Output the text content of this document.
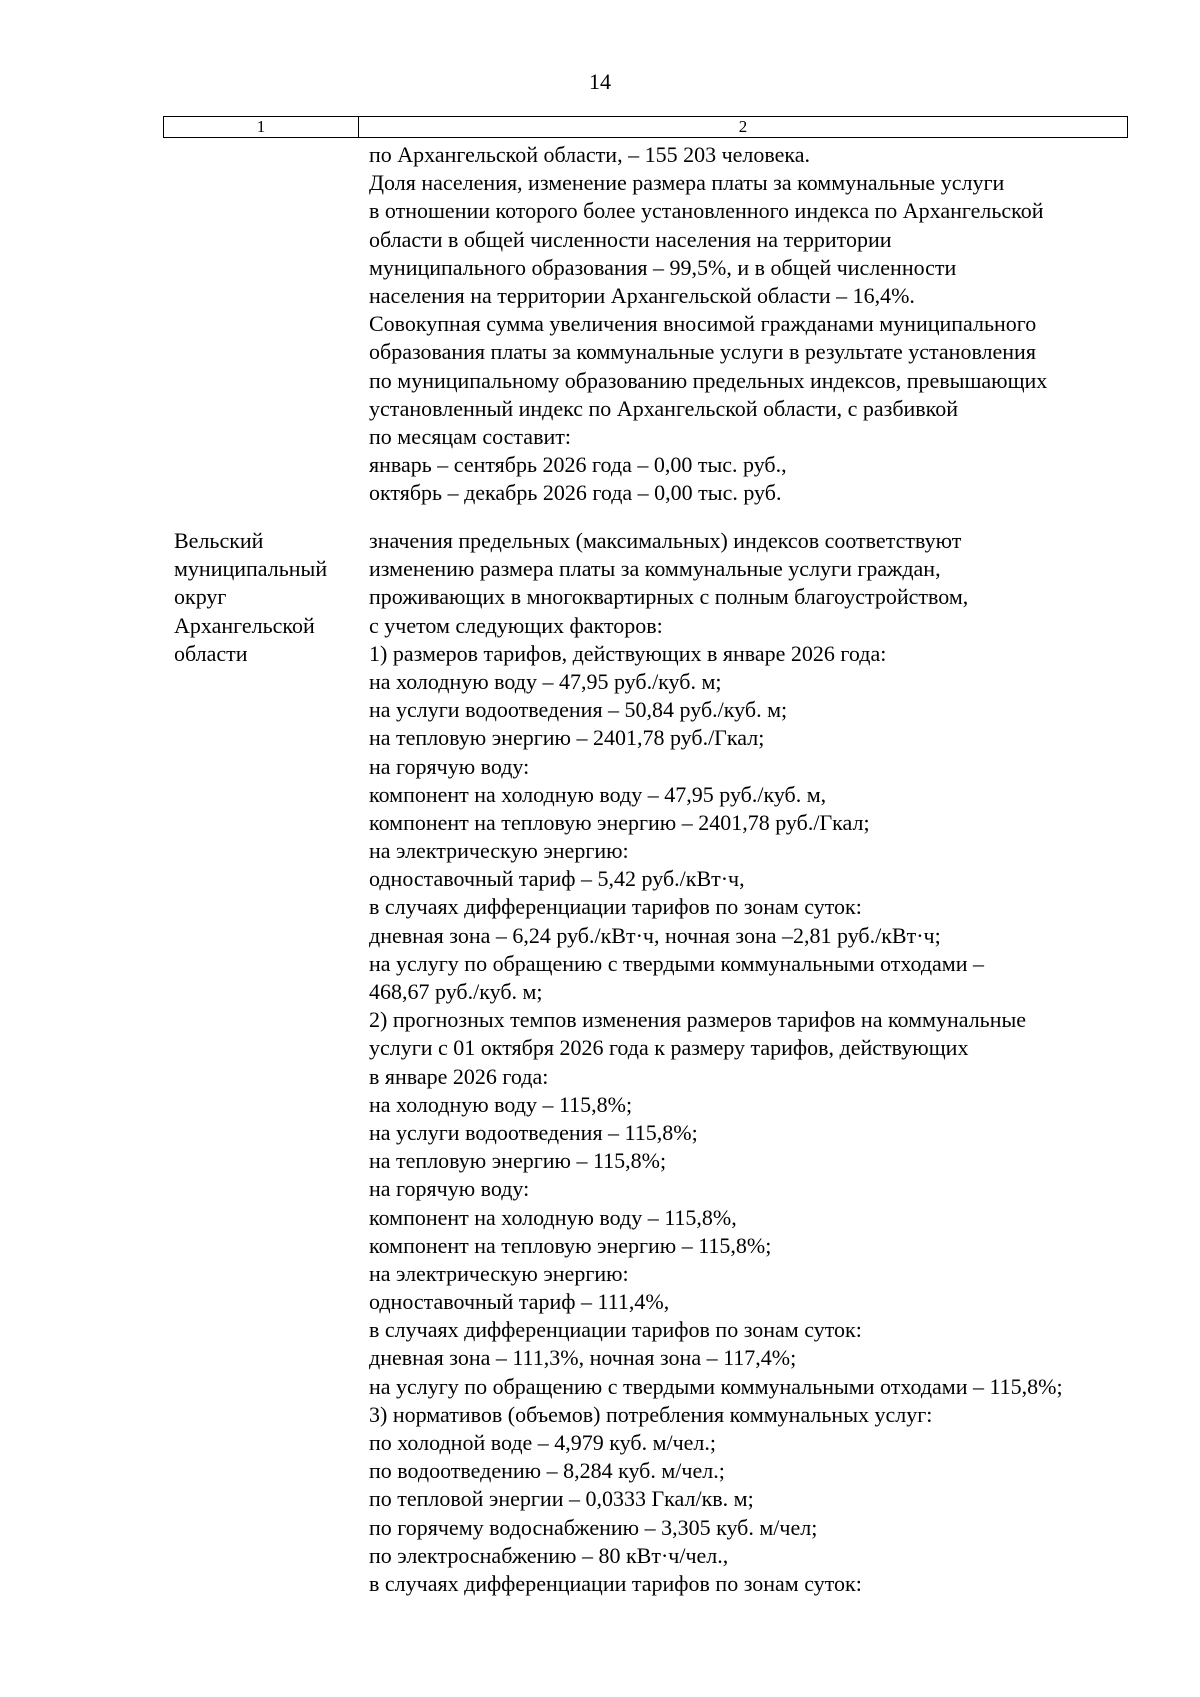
14
1	2
по Архангельской области, – 155 203 человека.
Доля населения, изменение размера платы за коммунальные услуги
в отношении которого более установленного индекса по Архангельской
области в общей численности населения на территории
муниципального образования – 99,5%, и в общей численности
населения на территории Архангельской области – 16,4%.
Совокупная сумма увеличения вносимой гражданами муниципального
образования платы за коммунальные услуги в результате установления
по муниципальному образованию предельных индексов, превышающих
установленный индекс по Архангельской области, с разбивкой
по месяцам составит:
январь – сентябрь 2026 года – 0,00 тыс. руб.,
октябрь – декабрь 2026 года – 0,00 тыс. руб.
Вельский
муниципальный
округ
Архангельской
области
значения предельных (максимальных) индексов соответствуют
изменению размера платы за коммунальные услуги граждан,
проживающих в многоквартирных с полным благоустройством,
с учетом следующих факторов:
1) размеров тарифов, действующих в январе 2026 года:
на холодную воду – 47,95 руб./куб. м;
на услуги водоотведения – 50,84 руб./куб. м;
на тепловую энергию – 2401,78 руб./Гкал;
на горячую воду:
компонент на холодную воду – 47,95 руб./куб. м,
компонент на тепловую энергию – 2401,78 руб./Гкал;
на электрическую энергию:
одноставочный тариф – 5,42 руб./кВт·ч,
в случаях дифференциации тарифов по зонам суток:
дневная зона – 6,24 руб./кВт·ч, ночная зона –2,81 руб./кВт·ч;
на услугу по обращению с твердыми коммунальными отходами –
468,67 руб./куб. м;
2) прогнозных темпов изменения размеров тарифов на коммунальные
услуги с 01 октября 2026 года к размеру тарифов, действующих
в январе 2026 года:
на холодную воду – 115,8%;
на услуги водоотведения – 115,8%;
на тепловую энергию – 115,8%;
на горячую воду:
компонент на холодную воду – 115,8%,
компонент на тепловую энергию – 115,8%;
на электрическую энергию:
одноставочный тариф – 111,4%,
в случаях дифференциации тарифов по зонам суток:
дневная зона – 111,3%, ночная зона – 117,4%;
на услугу по обращению с твердыми коммунальными отходами – 115,8%;
3) нормативов (объемов) потребления коммунальных услуг:
по холодной воде – 4,979 куб. м/чел.;
по водоотведению – 8,284 куб. м/чел.;
по тепловой энергии – 0,0333 Гкал/кв. м;
по горячему водоснабжению – 3,305 куб. м/чел;
по электроснабжению – 80 кВт·ч/чел.,
в случаях дифференциации тарифов по зонам суток:
